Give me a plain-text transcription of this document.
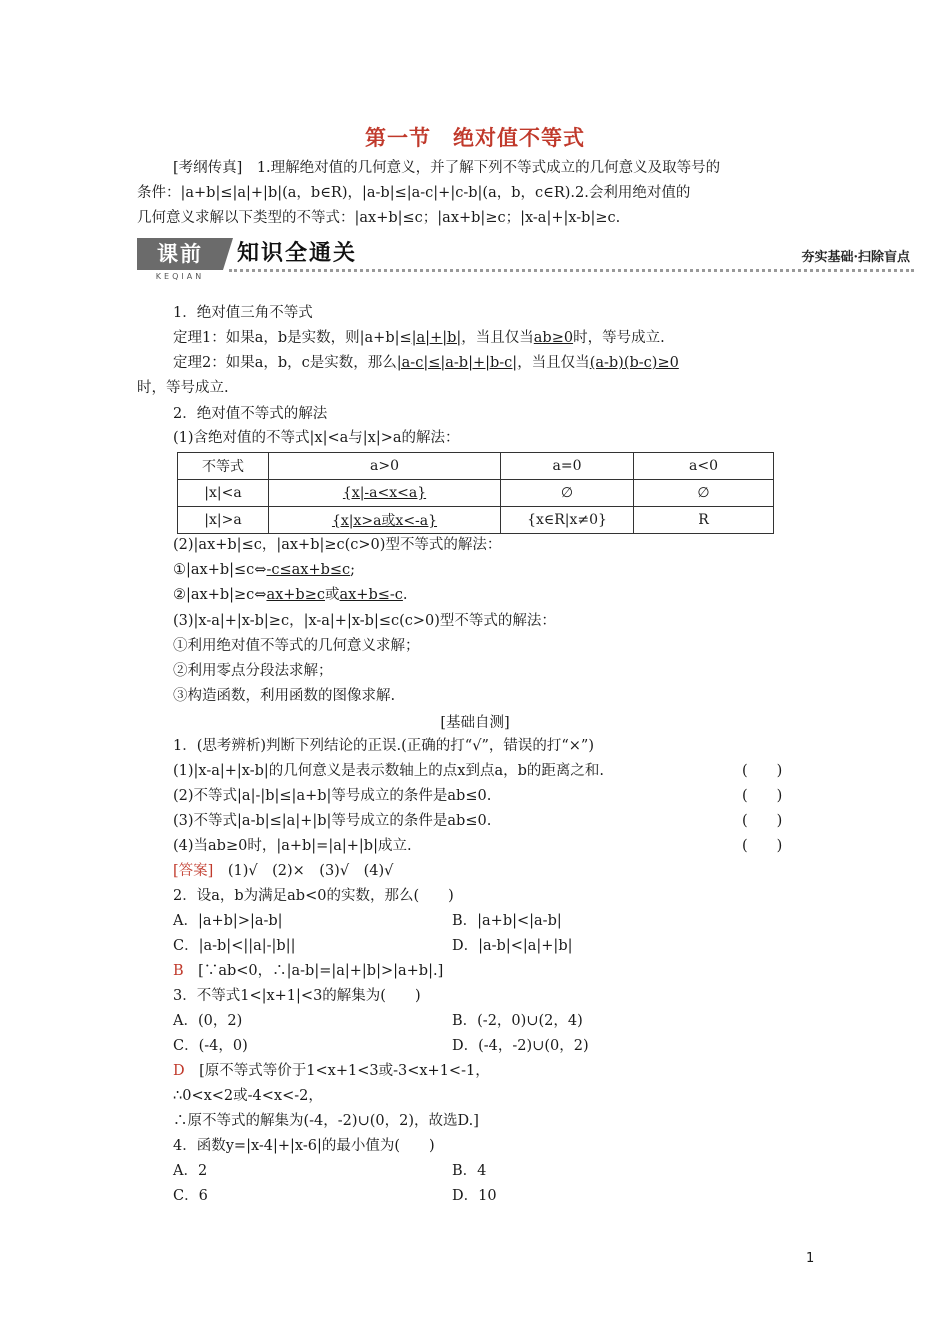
第一节　绝对值不等式
[考纲传真]　1.理解绝对值的几何意义，并了解下列不等式成立的几何意义及取等号的
条件：|a+b|≤|a|+|b|(a，b∈R)，|a-b|≤|a-c|+|c-b|(a，b，c∈R).2.会利用绝对值的
几何意义求解以下类型的不等式：|ax+b|≤c；|ax+b|≥c；|x-a|+|x-b|≥c.
课前
KEQIAN
知识全通关	夯实基础·扫除盲点
1．绝对值三角不等式
定理1：如果a，b是实数，则|a+b|≤|a|+|b|，当且仅当ab≥0时，等号成立.
定理2：如果a，b，c是实数，那么|a-c|≤|a-b|+|b-c|，当且仅当(a-b)(b-c)≥0
时，等号成立.
2．绝对值不等式的解法
(1)含绝对值的不等式|x|<a与|x|>a的解法：
不等式	a>0	a=0	a<0
|x|<a	{x|-a<x<a}	∅	∅
|x|>a	{x|x>a或x<-a}	{x∈R|x≠0}	R
(2)|ax+b|≤c，|ax+b|≥c(c>0)型不等式的解法：
①|ax+b|≤c⇔-c≤ax+b≤c;
②|ax+b|≥c⇔ax+b≥c或ax+b≤-c.
(3)|x-a|+|x-b|≥c，|x-a|+|x-b|≤c(c>0)型不等式的解法：
①利用绝对值不等式的几何意义求解；
②利用零点分段法求解；
③构造函数，利用函数的图像求解.
[基础自测]
1．(思考辨析)判断下列结论的正误.(正确的打“√”，错误的打“×”)
(1)|x-a|+|x-b|的几何意义是表示数轴上的点x到点a，b的距离之和.	(　　)
(2)不等式|a|-|b|≤|a+b|等号成立的条件是ab≤0.	(　　)
(3)不等式|a-b|≤|a|+|b|等号成立的条件是ab≤0.	(　　)
(4)当ab≥0时，|a+b|=|a|+|b|成立.	(　　)
[答案]　 (1)√　(2)×　(3)√　(4)√
2．设a，b为满足ab<0的实数，那么(　　)
A．|a+b|>|a-b|	B．|a+b|<|a-b|
C．|a-b|<||a|-|b||	D．|a-b|<|a|+|b|
B　 [∵ab<0，∴|a-b|=|a|+|b|>|a+b|.]
3．不等式1<|x+1|<3的解集为(　　)
A．(0，2)	B．(-2，0)∪(2，4)
C．(-4，0)	D．(-4，-2)∪(0，2)
D　 [原不等式等价于1<x+1<3或-3<x+1<-1，
∴0<x<2或-4<x<-2，
∴原不等式的解集为(-4，-2)∪(0，2)，故选D.]
4．函数y=|x-4|+|x-6|的最小值为(　　)
A．2	B．4
C．6	D．10
1
